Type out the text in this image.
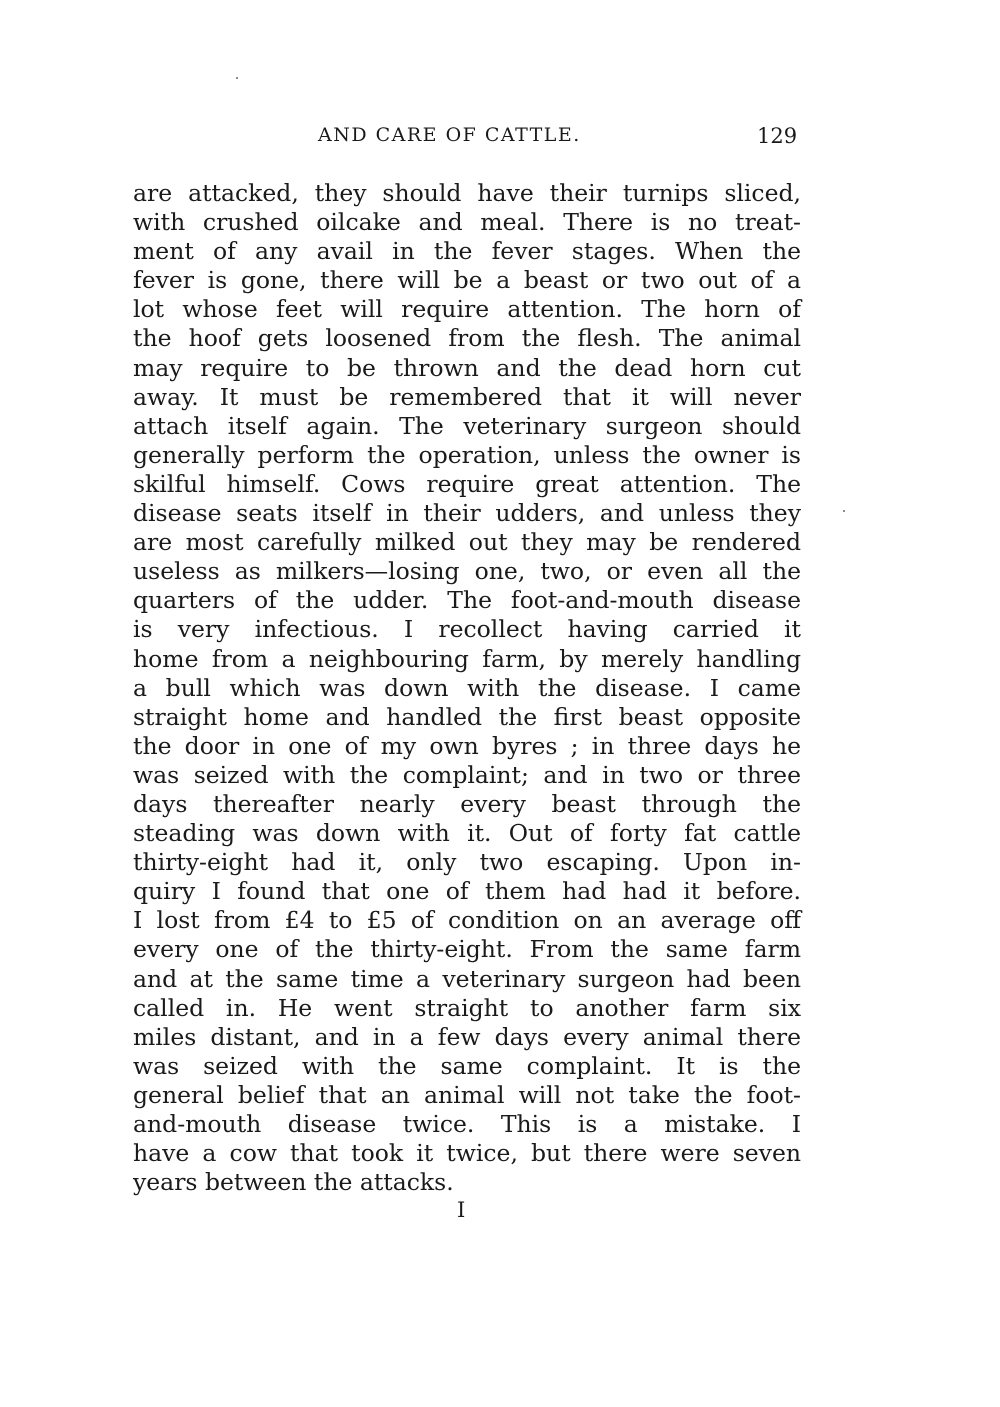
AND CARE OF CATTLE.	129
are attacked, they should have their turnips sliced,
with crushed oilcake and meal. There is no treat-
ment of any avail in the fever stages. When the
fever is gone, there will be a beast or two out of a
lot whose feet will require attention. The horn of
the hoof gets loosened from the flesh. The animal
may require to be thrown and the dead horn cut
away. It must be remembered that it will never
attach itself again. The veterinary surgeon should
generally perform the operation, unless the owner is
skilful himself. Cows require great attention. The
disease seats itself in their udders, and unless they
are most carefully milked out they may be rendered
useless as milkers—losing one, two, or even all the
quarters of the udder. The foot-and-mouth disease
is very infectious. I recollect having carried it
home from a neighbouring farm, by merely handling
a bull which was down with the disease. I came
straight home and handled the first beast opposite
the door in one of my own byres ; in three days he
was seized with the complaint; and in two or three
days thereafter nearly every beast through the
steading was down with it. Out of forty fat cattle
thirty-eight had it, only two escaping. Upon in-
quiry I found that one of them had had it before.
I lost from £4 to £5 of condition on an average off
every one of the thirty-eight. From the same farm
and at the same time a veterinary surgeon had been
called in. He went straight to another farm six
miles distant, and in a few days every animal there
was seized with the same complaint. It is the
general belief that an animal will not take the foot-
and-mouth disease twice. This is a mistake. I
have a cow that took it twice, but there were seven
years between the attacks.
I
